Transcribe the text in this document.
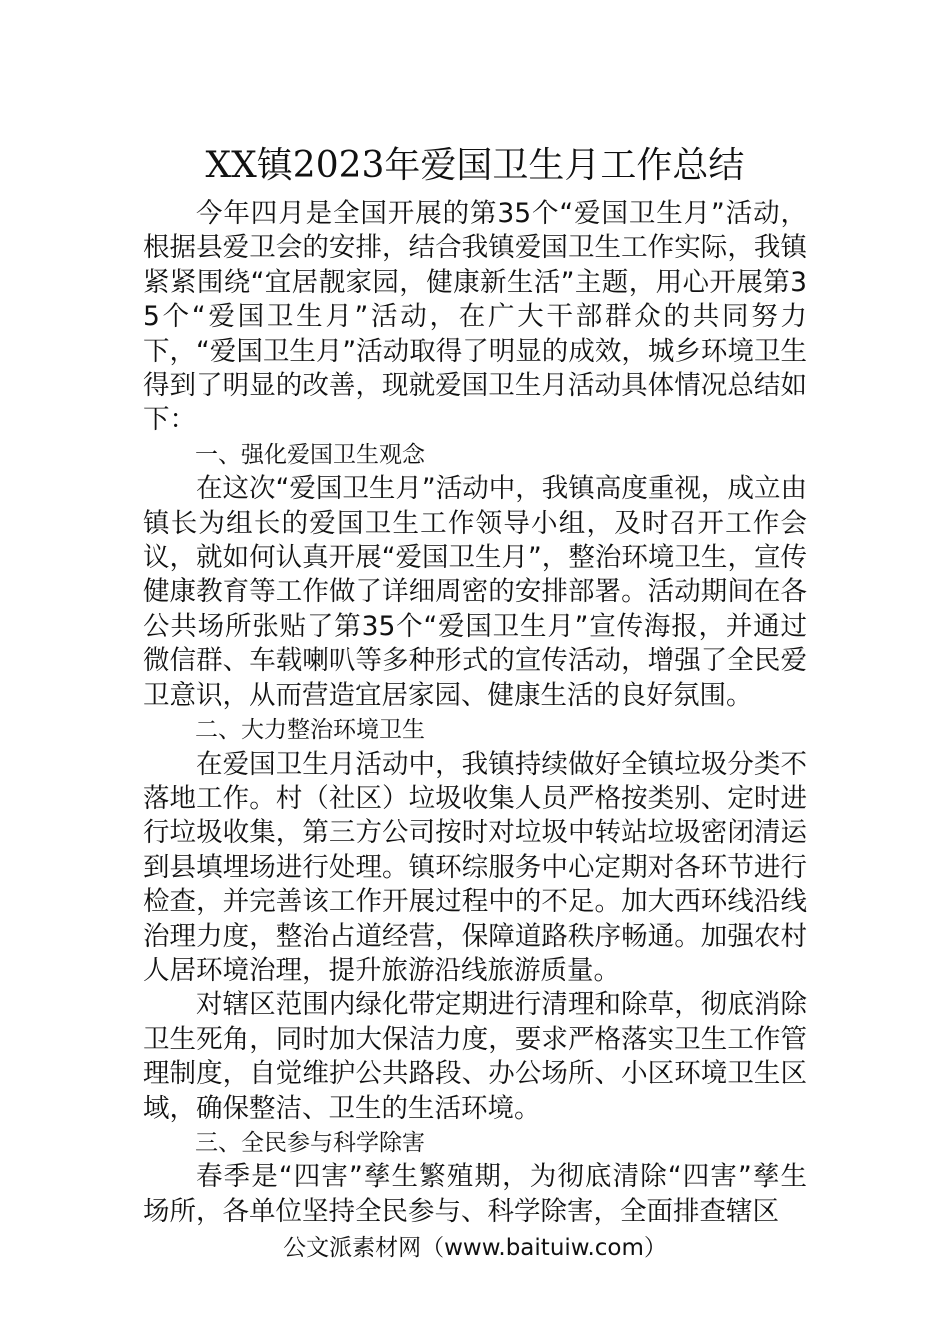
XX镇2023年爱国卫生月工作总结

今年四月是全国开展的第35个“爱国卫生月”活动，根据县爱卫会的安排，结合我镇爱国卫生工作实际，我镇紧紧围绕“宜居靓家园，健康新生活”主题，用心开展第35个“爱国卫生月”活动，在广大干部群众的共同努力下，“爱国卫生月”活动取得了明显的成效，城乡环境卫生得到了明显的改善，现就爱国卫生月活动具体情况总结如下：

一、强化爱国卫生观念

在这次“爱国卫生月”活动中，我镇高度重视，成立由镇长为组长的爱国卫生工作领导小组，及时召开工作会议，就如何认真开展“爱国卫生月”，整治环境卫生，宣传健康教育等工作做了详细周密的安排部署。活动期间在各公共场所张贴了第35个“爱国卫生月”宣传海报，并通过微信群、车载喇叭等多种形式的宣传活动，增强了全民爱卫意识，从而营造宜居家园、健康生活的良好氛围。

二、大力整治环境卫生

在爱国卫生月活动中，我镇持续做好全镇垃圾分类不落地工作。村（社区）垃圾收集人员严格按类别、定时进行垃圾收集，第三方公司按时对垃圾中转站垃圾密闭清运到县填埋场进行处理。镇环综服务中心定期对各环节进行检查，并完善该工作开展过程中的不足。加大西环线沿线治理力度，整治占道经营，保障道路秩序畅通。加强农村人居环境治理，提升旅游沿线旅游质量。

对辖区范围内绿化带定期进行清理和除草，彻底消除卫生死角，同时加大保洁力度，要求严格落实卫生工作管理制度，自觉维护公共路段、办公场所、小区环境卫生区域，确保整洁、卫生的生活环境。

三、全民参与科学除害

春季是“四害”孳生繁殖期，为彻底清除“四害”孳生场所，各单位坚持全民参与、科学除害，全面排查辖区

公文派素材网（www.baituiw.com）
